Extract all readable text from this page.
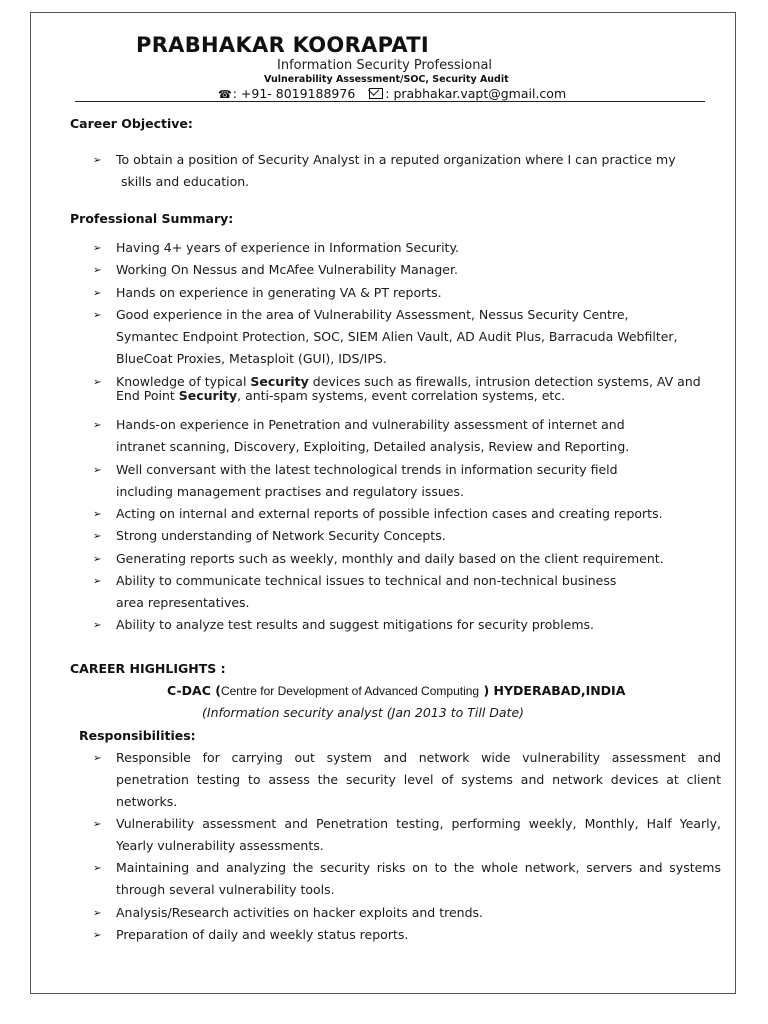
PRABHAKAR KOORAPATI
Information Security Professional
Vulnerability Assessment/SOC, Security Audit
☎: +91- 8019188976 : prabhakar.vapt@gmail.com
Career Objective:
➢ To obtain a position of Security Analyst in a reputed organization where I can practice my
skills and education.
Professional Summary:
➢ Having 4+ years of experience in Information Security.
➢ Working On Nessus and McAfee Vulnerability Manager.
➢ Hands on experience in generating VA & PT reports.
➢ Good experience in the area of Vulnerability Assessment, Nessus Security Centre,
Symantec Endpoint Protection, SOC, SIEM Alien Vault, AD Audit Plus, Barracuda Webfilter,
BlueCoat Proxies, Metasploit (GUI), IDS/IPS.
➢ Knowledge of typical Security devices such as firewalls, intrusion detection systems, AV and
End Point Security, anti-spam systems, event correlation systems, etc.
➢ Hands-on experience in Penetration and vulnerability assessment of internet and
intranet scanning, Discovery, Exploiting, Detailed analysis, Review and Reporting.
➢ Well conversant with the latest technological trends in information security field
including management practises and regulatory issues.
➢ Acting on internal and external reports of possible infection cases and creating reports.
➢ Strong understanding of Network Security Concepts.
➢ Generating reports such as weekly, monthly and daily based on the client requirement.
➢ Ability to communicate technical issues to technical and non-technical business
area representatives.
➢ Ability to analyze test results and suggest mitigations for security problems.
CAREER HIGHLIGHTS :
C-DAC (Centre for Development of Advanced Computing ) HYDERABAD,INDIA
(Information security analyst (Jan 2013 to Till Date)
Responsibilities:
➢ Responsible for carrying out system and network wide vulnerability assessment and
penetration testing to assess the security level of systems and network devices at client
networks.
➢ Vulnerability assessment and Penetration testing, performing weekly, Monthly, Half Yearly,
Yearly vulnerability assessments.
➢ Maintaining and analyzing the security risks on to the whole network, servers and systems
through several vulnerability tools.
➢ Analysis/Research activities on hacker exploits and trends.
➢ Preparation of daily and weekly status reports.
